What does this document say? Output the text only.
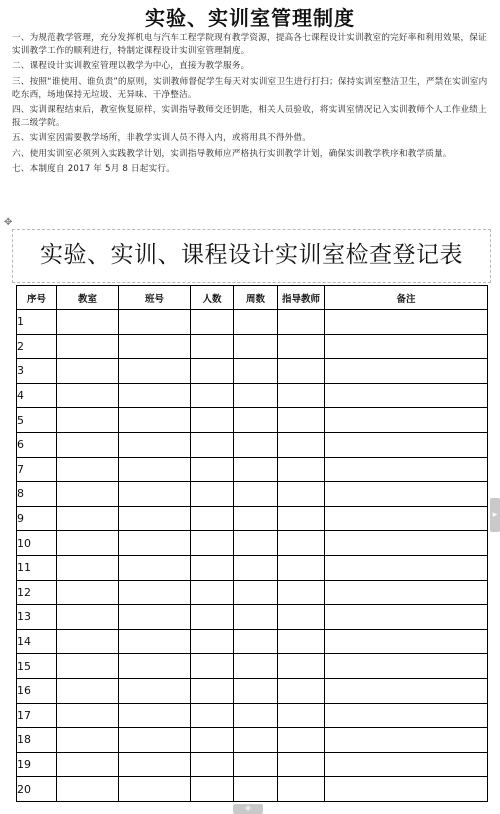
实验、实训室管理制度

一、为规范教学管理，充分发挥机电与汽车工程学院现有教学资源，提高各七课程设计实训教室的完好率和利用效果，保证实训教学工作的顺利进行，特制定课程设计实训室管理制度。

二、课程设计实训教室管理以教学为中心，直接为教学服务。

三、按照“谁使用、谁负责”的原则，实训教师督促学生每天对实训室卫生进行打扫；保持实训室整洁卫生，严禁在实训室内吃东西，场地保持无垃圾、无异味、干净整洁。

四、实训课程结束后，教室恢复原样，实训指导教师交还钥匙，相关人员验收，将实训室情况记入实训教师个人工作业绩上报二级学院。

五、实训室因需要教学场所，非教学实训人员不得入内，或将用具不得外借。

六、使用实训室必须列入实践教学计划，实训指导教师应严格执行实训教学计划，确保实训教学秩序和教学质量。

七、本制度自 2017 年 5月 8 日起实行。

✥
实验、实训、课程设计实训室检查登记表
序号	教室	班号	人数	周数	指导教师	备注
1						
2						
3						
4						
5						
6						
7						
8						
9						
10						
11						
12						
13						
14						
15						
16						
17						
18						
19						
20						
▸
+
